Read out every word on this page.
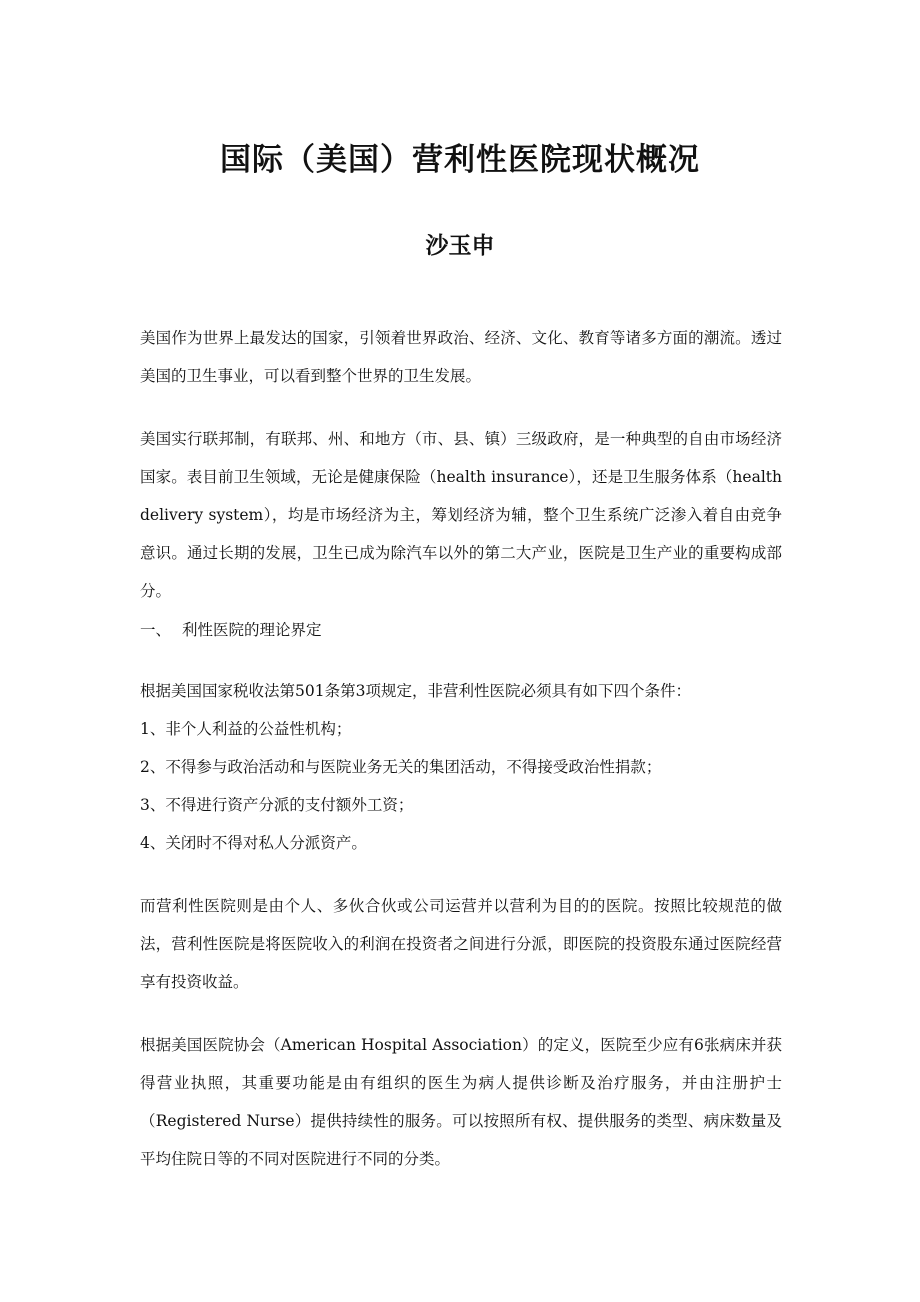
国际（美国）营利性医院现状概况
沙玉申

美国作为世界上最发达的国家，引领着世界政治、经济、文化、教育等诸多方面的潮流。透过美国的卫生事业，可以看到整个世界的卫生发展。

美国实行联邦制，有联邦、州、和地方（市、县、镇）三级政府，是一种典型的自由市场经济国家。表目前卫生领域，无论是健康保险（health insurance），还是卫生服务体系（health delivery system），均是市场经济为主，筹划经济为辅，整个卫生系统广泛渗入着自由竞争意识。通过长期的发展，卫生已成为除汽车以外的第二大产业，医院是卫生产业的重要构成部分。

一、 利性医院的理论界定

根据美国国家税收法第501条第3项规定，非营利性医院必须具有如下四个条件：

1、非个人利益的公益性机构；

2、不得参与政治活动和与医院业务无关的集团活动，不得接受政治性捐款；

3、不得进行资产分派的支付额外工资；

4、关闭时不得对私人分派资产。

而营利性医院则是由个人、多伙合伙或公司运营并以营利为目的的医院。按照比较规范的做法，营利性医院是将医院收入的利润在投资者之间进行分派，即医院的投资股东通过医院经营享有投资收益。

根据美国医院协会（American Hospital Association）的定义，医院至少应有6张病床并获得营业执照，其重要功能是由有组织的医生为病人提供诊断及治疗服务，并由注册护士（Registered Nurse）提供持续性的服务。可以按照所有权、提供服务的类型、病床数量及平均住院日等的不同对医院进行不同的分类。
